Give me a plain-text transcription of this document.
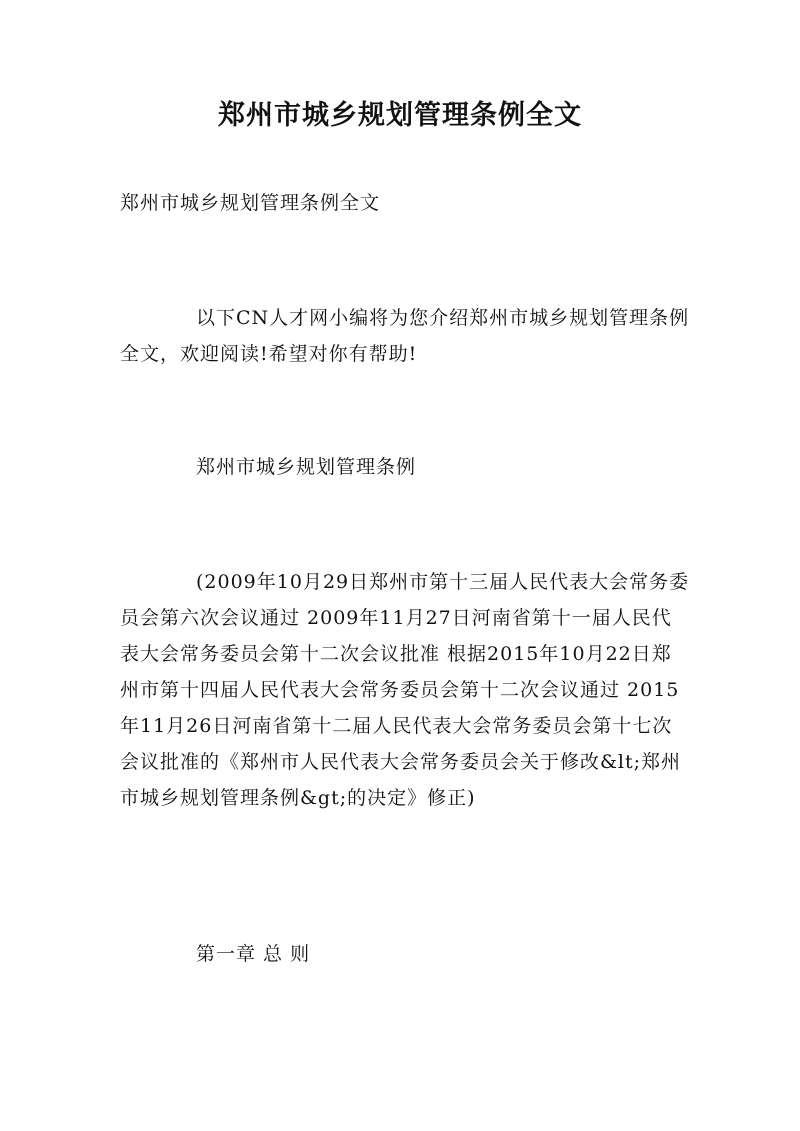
郑州市城乡规划管理条例全文

郑州市城乡规划管理条例全文

以下CN人才网小编将为您介绍郑州市城乡规划管理条例全文，欢迎阅读!希望对你有帮助!

郑州市城乡规划管理条例

(2009年10月29日郑州市第十三届人民代表大会常务委员会第六次会议通过 2009年11月27日河南省第十一届人民代表大会常务委员会第十二次会议批准 根据2015年10月22日郑州市第十四届人民代表大会常务委员会第十二次会议通过 2015年11月26日河南省第十二届人民代表大会常务委员会第十七次会议批准的《郑州市人民代表大会常务委员会关于修改&lt;郑州市城乡规划管理条例&gt;的决定》修正)

第一章 总 则
